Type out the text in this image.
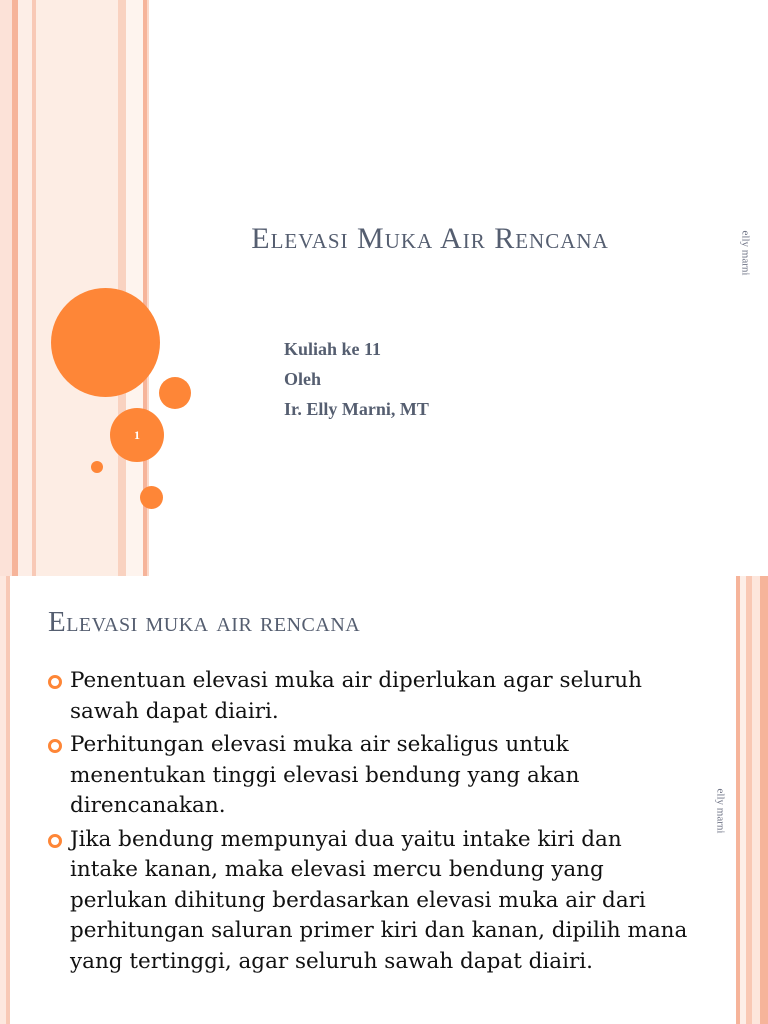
1
Elevasi Muka Air Rencana

Kuliah ke 11

Oleh

Ir. Elly Marni, MT

elly marni
Elevasi muka air rencana
Penentuan elevasi muka air diperlukan agar seluruh sawah dapat diairi.
Perhitungan elevasi muka air sekaligus untuk menentukan tinggi elevasi bendung yang akan direncanakan.
Jika bendung mempunyai dua yaitu intake kiri dan intake kanan, maka elevasi mercu bendung yang perlukan dihitung berdasarkan elevasi muka air dari perhitungan saluran primer kiri dan kanan, dipilih mana yang tertinggi, agar seluruh sawah dapat diairi.
elly marni
